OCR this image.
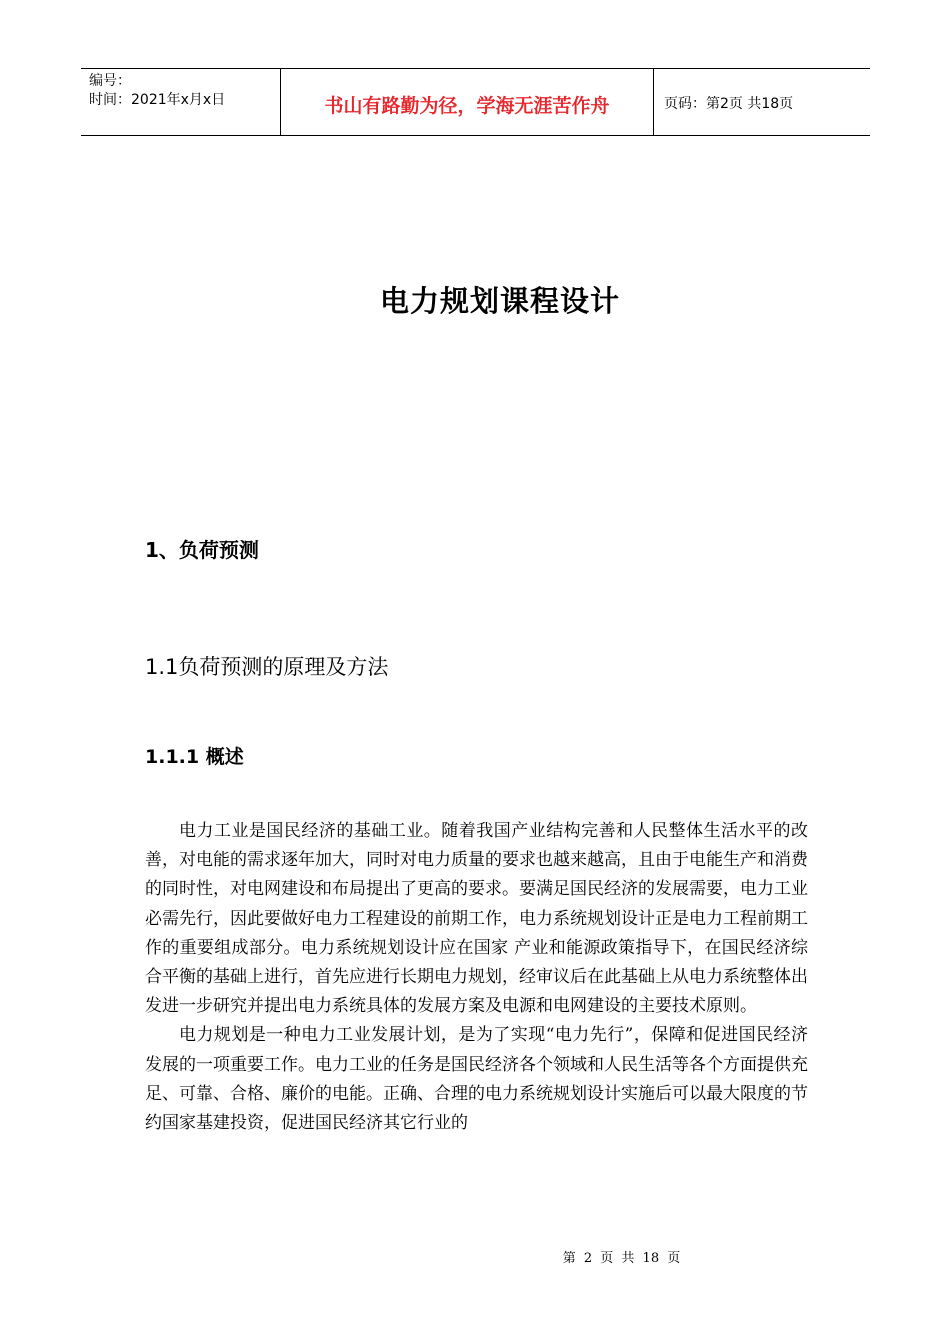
编号：
时间：2021年x月x日	书山有路勤为径，学海无涯苦作舟	页码：第2页 共18页
电力规划课程设计
1、负荷预测
1.1负荷预测的原理及方法
1.1.1 概述

电力工业是国民经济的基础工业。随着我国产业结构完善和人民整体生活水平的改善，对电能的需求逐年加大，同时对电力质量的要求也越来越高，且由于电能生产和消费的同时性，对电网建设和布局提出了更高的要求。要满足国民经济的发展需要，电力工业必需先行，因此要做好电力工程建设的前期工作，电力系统规划设计正是电力工程前期工作的重要组成部分。电力系统规划设计应在国家 产业和能源政策指导下，在国民经济综合平衡的基础上进行，首先应进行长期电力规划，经审议后在此基础上从电力系统整体出发进一步研究并提出电力系统具体的发展方案及电源和电网建设的主要技术原则。

电力规划是一种电力工业发展计划，是为了实现“电力先行”，保障和促进国民经济发展的一项重要工作。电力工业的任务是国民经济各个领域和人民生活等各个方面提供充足、可靠、合格、廉价的电能。正确、合理的电力系统规划设计实施后可以最大限度的节约国家基建投资，促进国民经济其它行业的

第 2 页 共 18 页
